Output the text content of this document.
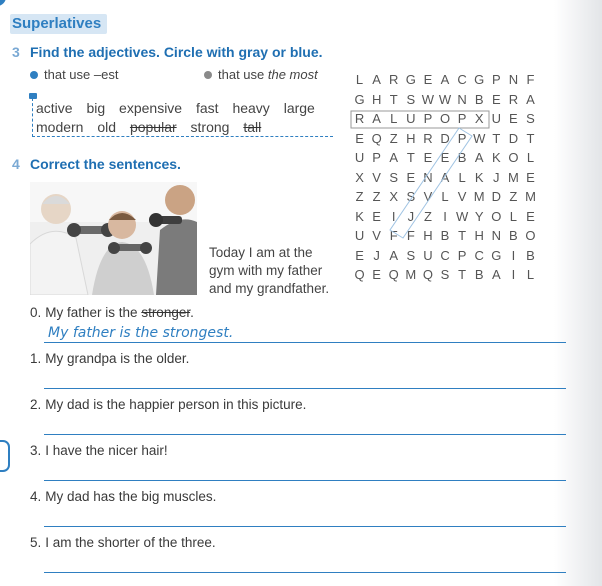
Superlatives
3 Find the adjectives. Circle with gray or blue.
that use –est	that use the most
active big expensive fast heavy large
modern old popular strong tall
L A R G E A C G P N F
G H T S W W N B E R A
R A L U P O P X U E S
E Q Z H R D P W T D T
U P A T E E B A K O L
X V S E N A L K J M E
Z Z X S V L V M D Z M
K E I J Z I W Y O L E
U V F F H B T H N B O
E J A S U C P C G I B
Q E Q M Q S T B A I L
4 Correct the sentences.
Today I am at the
gym with my father
and my grandfather.
0. My father is the stronger.
My father is the strongest.
1. My grandpa is the older.
2. My dad is the happier person in this picture.
3. I have the nicer hair!
4. My dad has the big muscles.
5. I am the shorter of the three.
